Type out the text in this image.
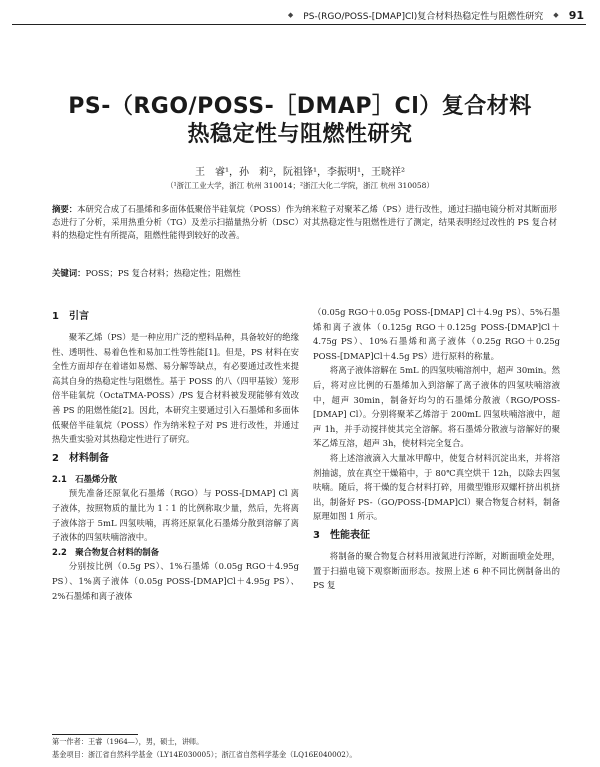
◆ PS-(RGO/POSS-[DMAP]Cl)复合材料热稳定性与阻燃性研究 ◆ 91
PS-（RGO/POSS-［DMAP］Cl）复合材料
热稳定性与阻燃性研究
王　睿¹，孙　莉²，阮祖锋¹，李振明¹，王晓祥²
（¹浙江工业大学，浙江 杭州 310014；²浙江大化二学院，浙江 杭州 310058）
摘要：本研究合成了石墨烯和多面体低聚倍半硅氧烷（POSS）作为纳米粒子对聚苯乙烯（PS）进行改性，通过扫描电镜分析对其断面形态进行了分析，采用热重分析（TG）及差示扫描量热分析（DSC）对其热稳定性与阻燃性进行了测定，结果表明经过改性的 PS 复合材料的热稳定性有所提高，阻燃性能得到较好的改善。
关键词：POSS；PS 复合材料；热稳定性；阻燃性
1　引言

聚苯乙烯（PS）是一种应用广泛的塑料品种，具备较好的绝缘性、透明性、易着色性和易加工性等性能[1]。但是，PS 材料在安全性方面却存在着诸如易燃、易分解等缺点，有必要通过改性来提高其自身的热稳定性与阻燃性。基于 POSS 的八（四甲基铵）笼形倍半硅氧烷（OctaTMA-POSS）/PS 复合材料被发现能够有效改善 PS 的阻燃性能[2]。因此，本研究主要通过引入石墨烯和多面体低聚倍半硅氧烷（POSS）作为纳米粒子对 PS 进行改性，并通过热失重实验对其热稳定性进行了研究。

2　材料制备
2.1　石墨烯分散

预先准备还原氧化石墨烯（RGO）与 POSS-[DMAP] Cl 离子液体，按照物质的量比为 1∶1 的比例称取少量，然后，先将离子液体溶于 5mL 四氢呋喃，再将还原氧化石墨烯分散到溶解了离子液体的四氢呋喃溶液中。

2.2　聚合物复合材料的制备

分别按比例（0.5g PS）、1%石墨烯（0.05g RGO＋4.95g PS）、1%离子液体（0.05g POSS-[DMAP]Cl＋4.95g PS）、2%石墨烯和离子液体

（0.05g RGO＋0.05g POSS-[DMAP] Cl＋4.9g PS）、5%石墨烯和离子液体（0.125g RGO＋0.125g POSS-[DMAP]Cl＋4.75g PS）、10%石墨烯和离子液体（0.25g RGO＋0.25g POSS-[DMAP]Cl＋4.5g PS）进行原料的称量。

将离子液体溶解在 5mL 的四氢呋喃溶剂中，超声 30min。然后，将对应比例的石墨烯加入到溶解了离子液体的四氢呋喃溶液中，超声 30min，制备好均匀的石墨烯分散液（RGO/POSS-[DMAP] Cl）。分别将聚苯乙烯溶于 200mL 四氢呋喃溶液中，超声 1h，并手动搅拌使其完全溶解。将石墨烯分散液与溶解好的聚苯乙烯互溶，超声 3h，使材料完全复合。

将上述溶液滴入大量冰甲醇中，使复合材料沉淀出来，并将溶剂抽滤，放在真空干燥箱中，于 80℃真空烘干 12h，以除去四氢呋喃。随后，将干燥的复合材料打碎，用微型锥形双螺杆挤出机挤出，制备好 PS-（GO/POSS-[DMAP]Cl）聚合物复合材料，制备原理如图 1 所示。

3　性能表征

将制备的聚合物复合材料用液氮进行淬断，对断面喷金处理，置于扫描电镜下观察断面形态。按照上述 6 种不同比例制备出的 PS 复

第一作者：王睿（1964—），男，硕士，讲师。
基金项目：浙江省自然科学基金（LY14E030005）；浙江省自然科学基金（LQ16E040002）。
